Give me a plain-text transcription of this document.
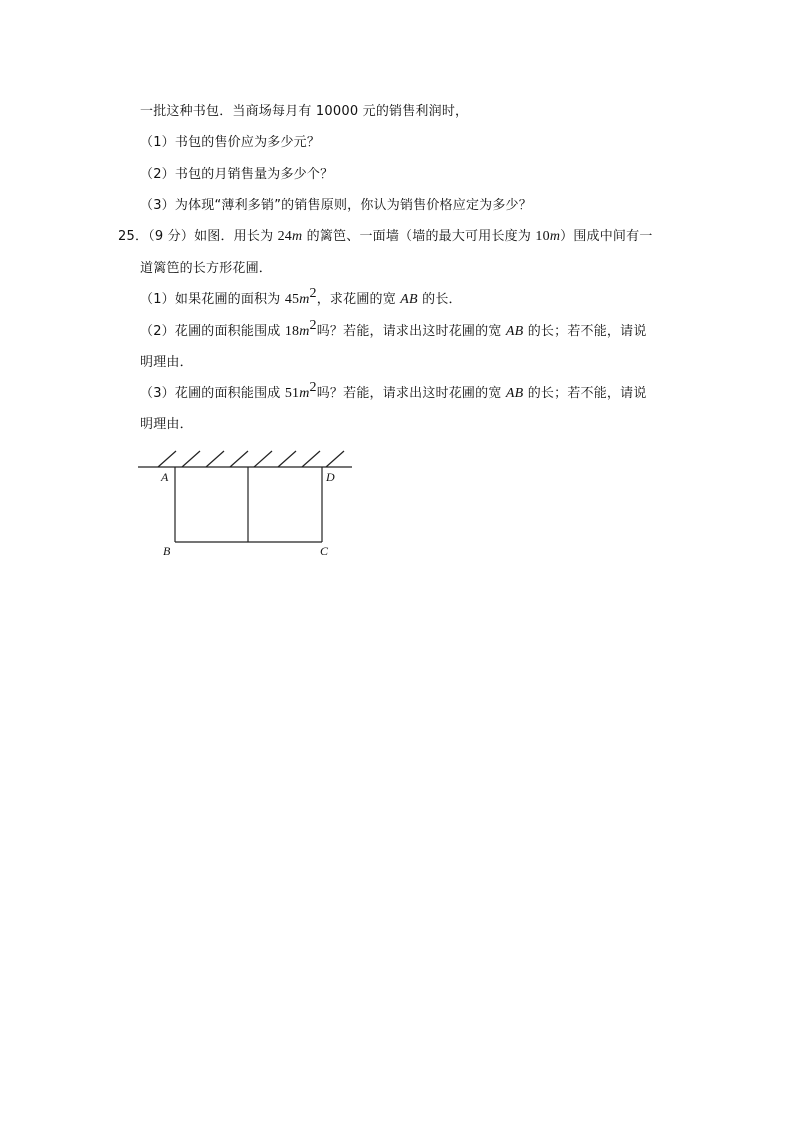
一批这种书包．当商场每月有 10000 元的销售利润时，
（1）书包的售价应为多少元？
（2）书包的月销售量为多少个？
（3）为体现“薄利多销”的销售原则，你认为销售价格应定为多少？
25．（9 分）如图．用长为 24m 的篱笆、一面墙（墙的最大可用长度为 10m）围成中间有一
道篱笆的长方形花圃．
（1）如果花圃的面积为 $45m^2$，求花圃的宽 AB 的长．
（2）花圃的面积能围成 $18m^2$吗？若能，请求出这时花圃的宽 AB 的长；若不能，请说
明理由．
（3）花圃的面积能围成 $51m^2$吗？若能，请求出这时花圃的宽 AB 的长；若不能，请说
明理由．
A	D
B	C
